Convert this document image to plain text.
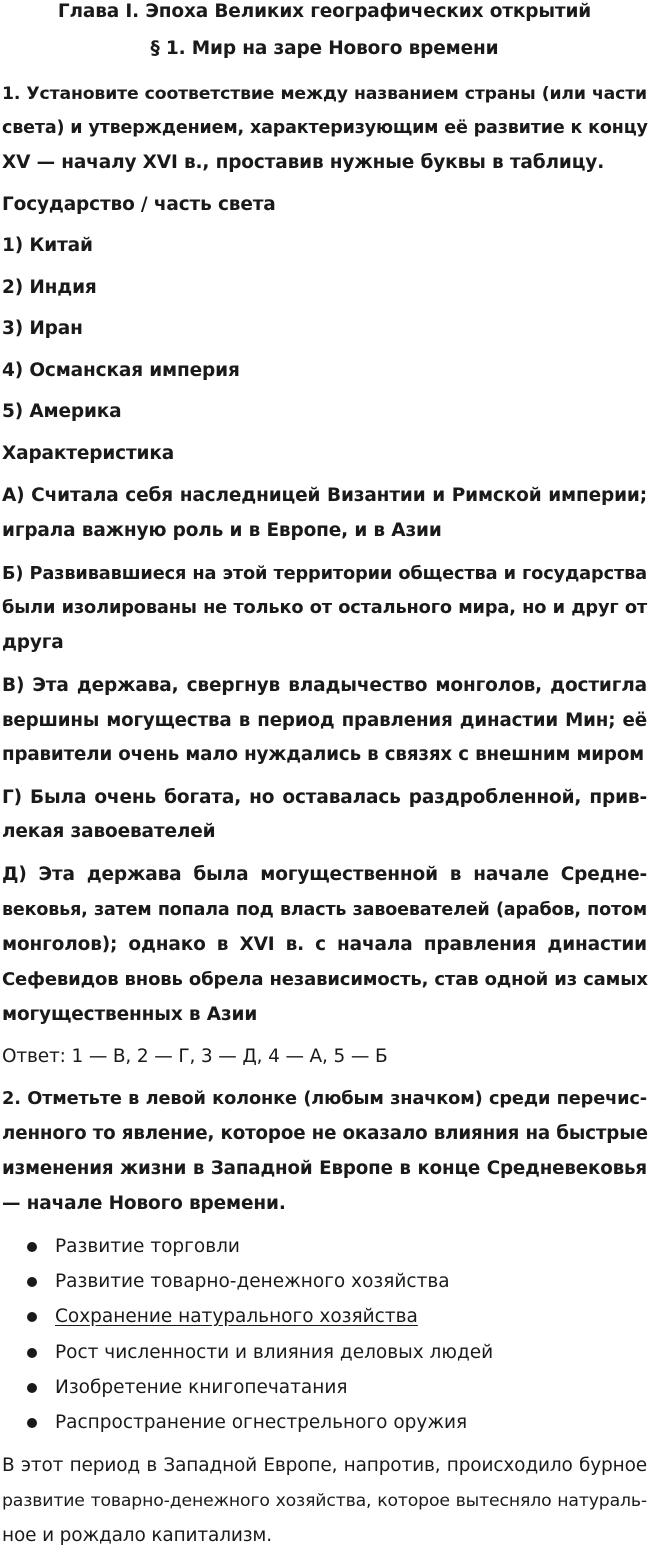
Глава I. Эпоха Великих географических открытий
§ 1. Мир на заре Нового времени
1. Установите соответствие между названием страны (или части
света) и утверждением, характеризующим её развитие к концу
XV — началу XVI в., проставив нужные буквы в таблицу.
Государство / часть света
1) Китай
2) Индия
3) Иран
4) Османская империя
5) Америка
Характеристика
А) Считала себя наследницей Византии и Римской империи;
играла важную роль и в Европе, и в Азии
Б) Развивавшиеся на этой территории общества и государства
были изолированы не только от остального мира, но и друг от
друга
В) Эта держава, свергнув владычество монголов, достигла
вершины могущества в период правления династии Мин; её
правители очень мало нуждались в связях с внешним миром
Г) Была очень богата, но оставалась раздробленной, прив-
лекая завоевателей
Д) Эта держава была могущественной в начале Средне-
вековья, затем попала под власть завоевателей (арабов, потом
монголов); однако в XVI в. с начала правления династии
Сефевидов вновь обрела независимость, став одной из самых
могущественных в Азии
Ответ: 1 — В, 2 — Г, 3 — Д, 4 — А, 5 — Б
2. Отметьте в левой колонке (любым значком) среди перечис-
ленного то явление, которое не оказало влияния на быстрые
изменения жизни в Западной Европе в конце Средневековья
— начале Нового времени.
Развитие торговли
Развитие товарно-денежного хозяйства
Сохранение натурального хозяйства
Рост численности и влияния деловых людей
Изобретение книгопечатания
Распространение огнестрельного оружия
В этот период в Западной Европе, напротив, происходило бурное
развитие товарно-денежного хозяйства, которое вытесняло натураль-
ное и рождало капитализм.
